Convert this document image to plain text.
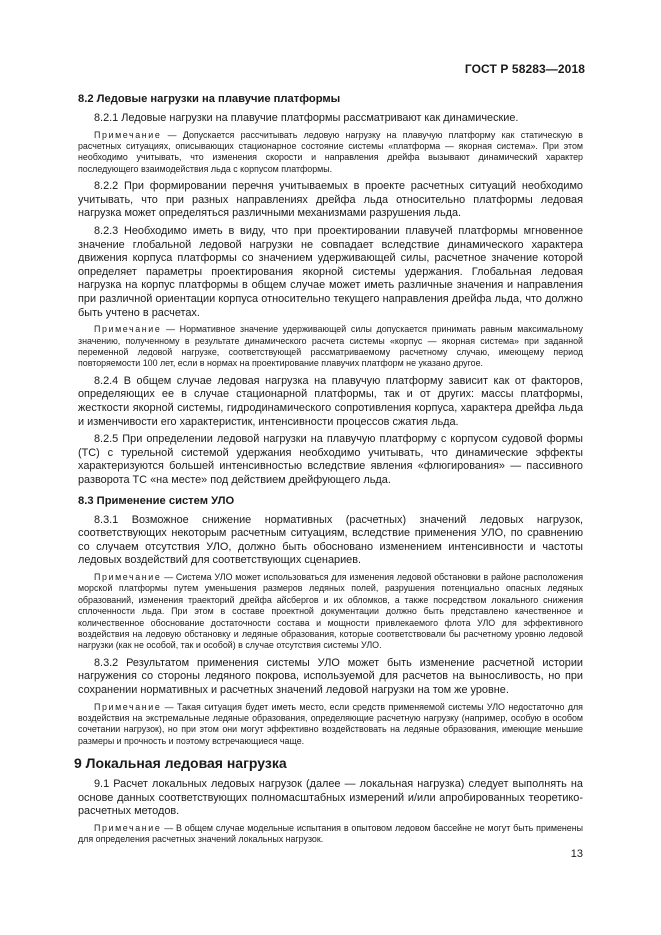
ГОСТ Р 58283—2018
8.2 Ледовые нагрузки на плавучие платформы

8.2.1 Ледовые нагрузки на плавучие платформы рассматривают как динамические.

Примечание — Допускается рассчитывать ледовую нагрузку на плавучую платформу как статическую в расчетных ситуациях, описывающих стационарное состояние системы «платформа — якорная система». При этом необходимо учитывать, что изменения скорости и направления дрейфа вызывают динамический характер последующего взаимодействия льда с корпусом платформы.

8.2.2 При формировании перечня учитываемых в проекте расчетных ситуаций необходимо учитывать, что при разных направлениях дрейфа льда относительно платформы ледовая нагрузка может определяться различными механизмами разрушения льда.

8.2.3 Необходимо иметь в виду, что при проектировании плавучей платформы мгновенное значение глобальной ледовой нагрузки не совпадает вследствие динамического характера движения корпуса платформы со значением удерживающей силы, расчетное значение которой определяет параметры проектирования якорной системы удержания. Глобальная ледовая нагрузка на корпус платформы в общем случае может иметь различные значения и направления при различной ориентации корпуса относительно текущего направления дрейфа льда, что должно быть учтено в расчетах.

Примечание — Нормативное значение удерживающей силы допускается принимать равным максимальному значению, полученному в результате динамического расчета системы «корпус — якорная система» при заданной переменной ледовой нагрузке, соответствующей рассматриваемому расчетному случаю, имеющему период повторяемости 100 лет, если в нормах на проектирование плавучих платформ не указано другое.

8.2.4 В общем случае ледовая нагрузка на плавучую платформу зависит как от факторов, определяющих ее в случае стационарной платформы, так и от других: массы платформы, жесткости якорной системы, гидродинамического сопротивления корпуса, характера дрейфа льда и изменчивости его характеристик, интенсивности процессов сжатия льда.

8.2.5 При определении ледовой нагрузки на плавучую платформу с корпусом судовой формы (ТС) с турельной системой удержания необходимо учитывать, что динамические эффекты характеризуются большей интенсивностью вследствие явления «флюгирования» — пассивного разворота ТС «на месте» под действием дрейфующего льда.

8.3 Применение систем УЛО

8.3.1 Возможное снижение нормативных (расчетных) значений ледовых нагрузок, соответствующих некоторым расчетным ситуациям, вследствие применения УЛО, по сравнению со случаем отсутствия УЛО, должно быть обосновано изменением интенсивности и частоты ледовых воздействий для соответствующих сценариев.

Примечание — Система УЛО может использоваться для изменения ледовой обстановки в районе расположения морской платформы путем уменьшения размеров ледяных полей, разрушения потенциально опасных ледяных образований, изменения траекторий дрейфа айсбергов и их обломков, а также посредством локального снижения сплоченности льда. При этом в составе проектной документации должно быть представлено качественное и количественное обоснование достаточности состава и мощности привлекаемого флота УЛО для эффективного воздействия на ледовую обстановку и ледяные образования, которые соответствовали бы расчетному уровню ледовой нагрузки (как не особой, так и особой) в случае отсутствия системы УЛО.

8.3.2 Результатом применения системы УЛО может быть изменение расчетной истории нагружения со стороны ледяного покрова, используемой для расчетов на выносливость, но при сохранении нормативных и расчетных значений ледовой нагрузки на том же уровне.

Примечание — Такая ситуация будет иметь место, если средств применяемой системы УЛО недостаточно для воздействия на экстремальные ледяные образования, определяющие расчетную нагрузку (например, особую в особом сочетании нагрузок), но при этом они могут эффективно воздействовать на ледяные образования, имеющие меньшие размеры и прочность и поэтому встречающиеся чаще.

9 Локальная ледовая нагрузка

9.1 Расчет локальных ледовых нагрузок (далее — локальная нагрузка) следует выполнять на основе данных соответствующих полномасштабных измерений и/или апробированных теоретико-расчетных методов.

Примечание — В общем случае модельные испытания в опытовом ледовом бассейне не могут быть применены для определения расчетных значений локальных нагрузок.

13
